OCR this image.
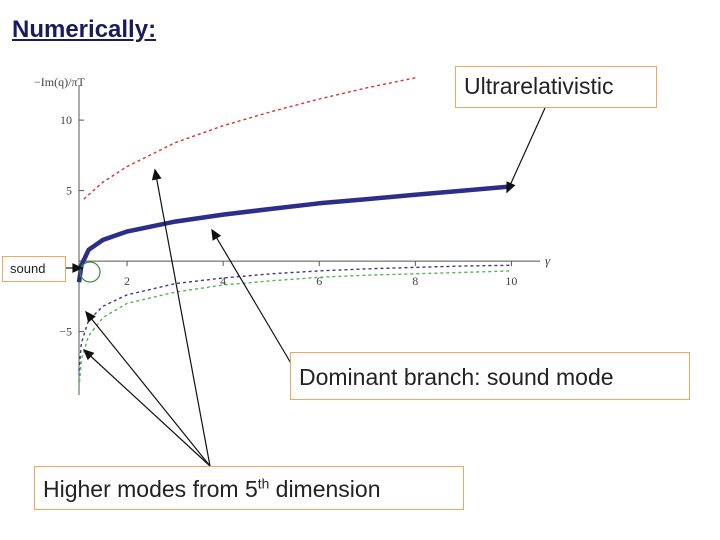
Numerically:
2	4	6	8	10
−5
5
10
−Im(q)/πT
γ
Ultrarelativistic
Dominant branch: sound mode
Higher modes from 5th dimension
sound
